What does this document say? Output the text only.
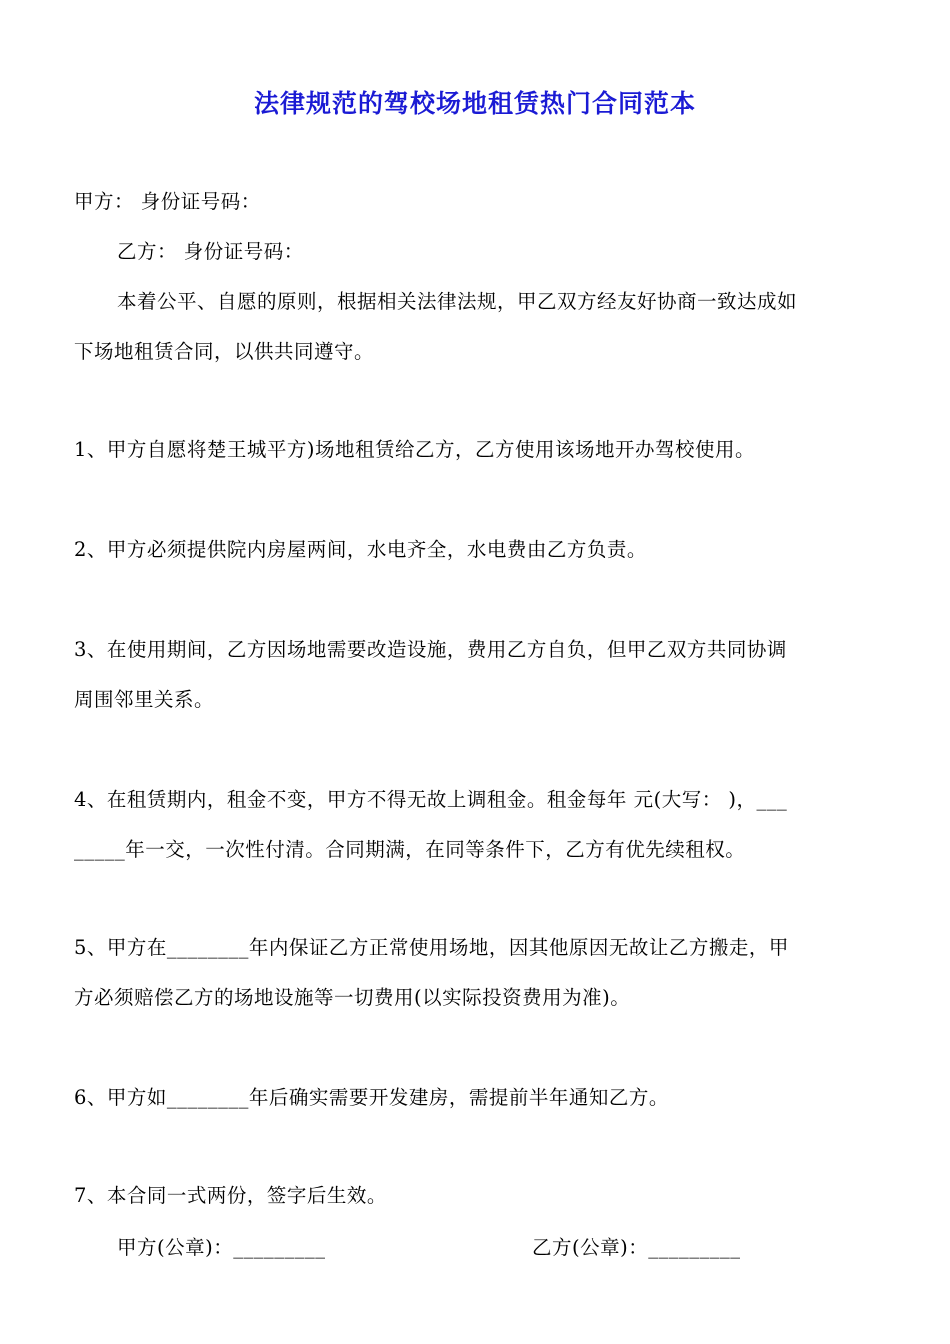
法律规范的驾校场地租赁热门合同范本
甲方： 身份证号码：
乙方： 身份证号码：
本着公平、自愿的原则，根据相关法律法规，甲乙双方经友好协商一致达成如
下场地租赁合同，以供共同遵守。
1、甲方自愿将楚王城平方)场地租赁给乙方，乙方使用该场地开办驾校使用。
2、甲方必须提供院内房屋两间，水电齐全，水电费由乙方负责。
3、在使用期间，乙方因场地需要改造设施，费用乙方自负，但甲乙双方共同协调
周围邻里关系。
4、在租赁期内，租金不变，甲方不得无故上调租金。租金每年 元(大写： )，___
_____年一交，一次性付清。合同期满，在同等条件下，乙方有优先续租权。
5、甲方在________年内保证乙方正常使用场地，因其他原因无故让乙方搬走，甲
方必须赔偿乙方的场地设施等一切费用(以实际投资费用为准)。
6、甲方如________年后确实需要开发建房，需提前半年通知乙方。
7、本合同一式两份，签字后生效。
甲方(公章)：_________	乙方(公章)：_________
